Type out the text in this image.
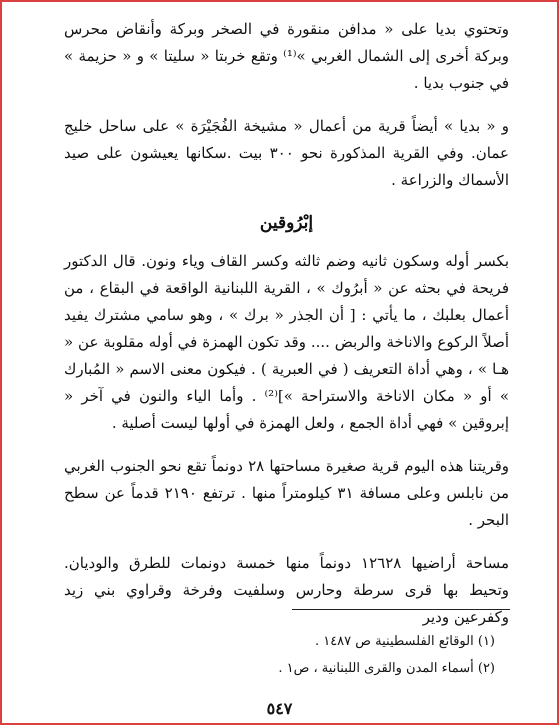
وتحتوي بديا على « مدافن منقورة في الصخر وبركة وأنقاض محرس وبركة أخرى إلى الشمال الغربي »⁽¹⁾ وتقع خربتا « سليتا » و « حزيمة » في جنوب بديا .

و « بديا » أيضاً قرية من أعمال « مشيخة الفُجَيْرَة » على ساحل خليج عمان. وفي القرية المذكورة نحو ٣٠٠ بيت .سكانها يعيشون على صيد الأسماك والزراعة .

إبْرُوقين

بكسر أوله وسكون ثانيه وضم ثالثه وكسر القاف وياء ونون. قال الدكتور فريحة في بحثه عن « أبرُوك » ، القرية اللبنانية الواقعة في البقاع ، من أعمال بعلبك ، ما يأتي : [ أن الجذر « برك » ، وهو سامي مشترك يفيد أصلاً الركوع والاناخة والربض .... وقد تكون الهمزة في أوله مقلوبة عن « هـا » ، وهي أداة التعريف ( في العبرية ) . فيكون معنى الاسم « المُبارك » أو « مكان الاناخة والاستراحة »]⁽²⁾ . وأما الياء والنون في آخر « إبروقين » فهي أداة الجمع ، ولعل الهمزة في أولها ليست أصلية .

وقريتنا هذه اليوم قرية صغيرة مساحتها ٢٨ دونماً تقع نحو الجنوب الغربي من نابلس وعلى مسافة ٣١ كيلومتراً منها . ترتفع ٢١٩٠ قدماً عن سطح البحر .

مساحة أراضيها ١٢٦٢٨ دونماً منها خمسة دونمات للطرق والوديان. وتحيط بها قرى سرطة وحارس وسلفيت وفرخة وقراوي بني زيد وكفرعين ودير

(١) الوقائع الفلسطينية ص ١٤٨٧ .
(٢) أسماء المدن والقرى اللبنانية ، ص١ .
٥٤٧
